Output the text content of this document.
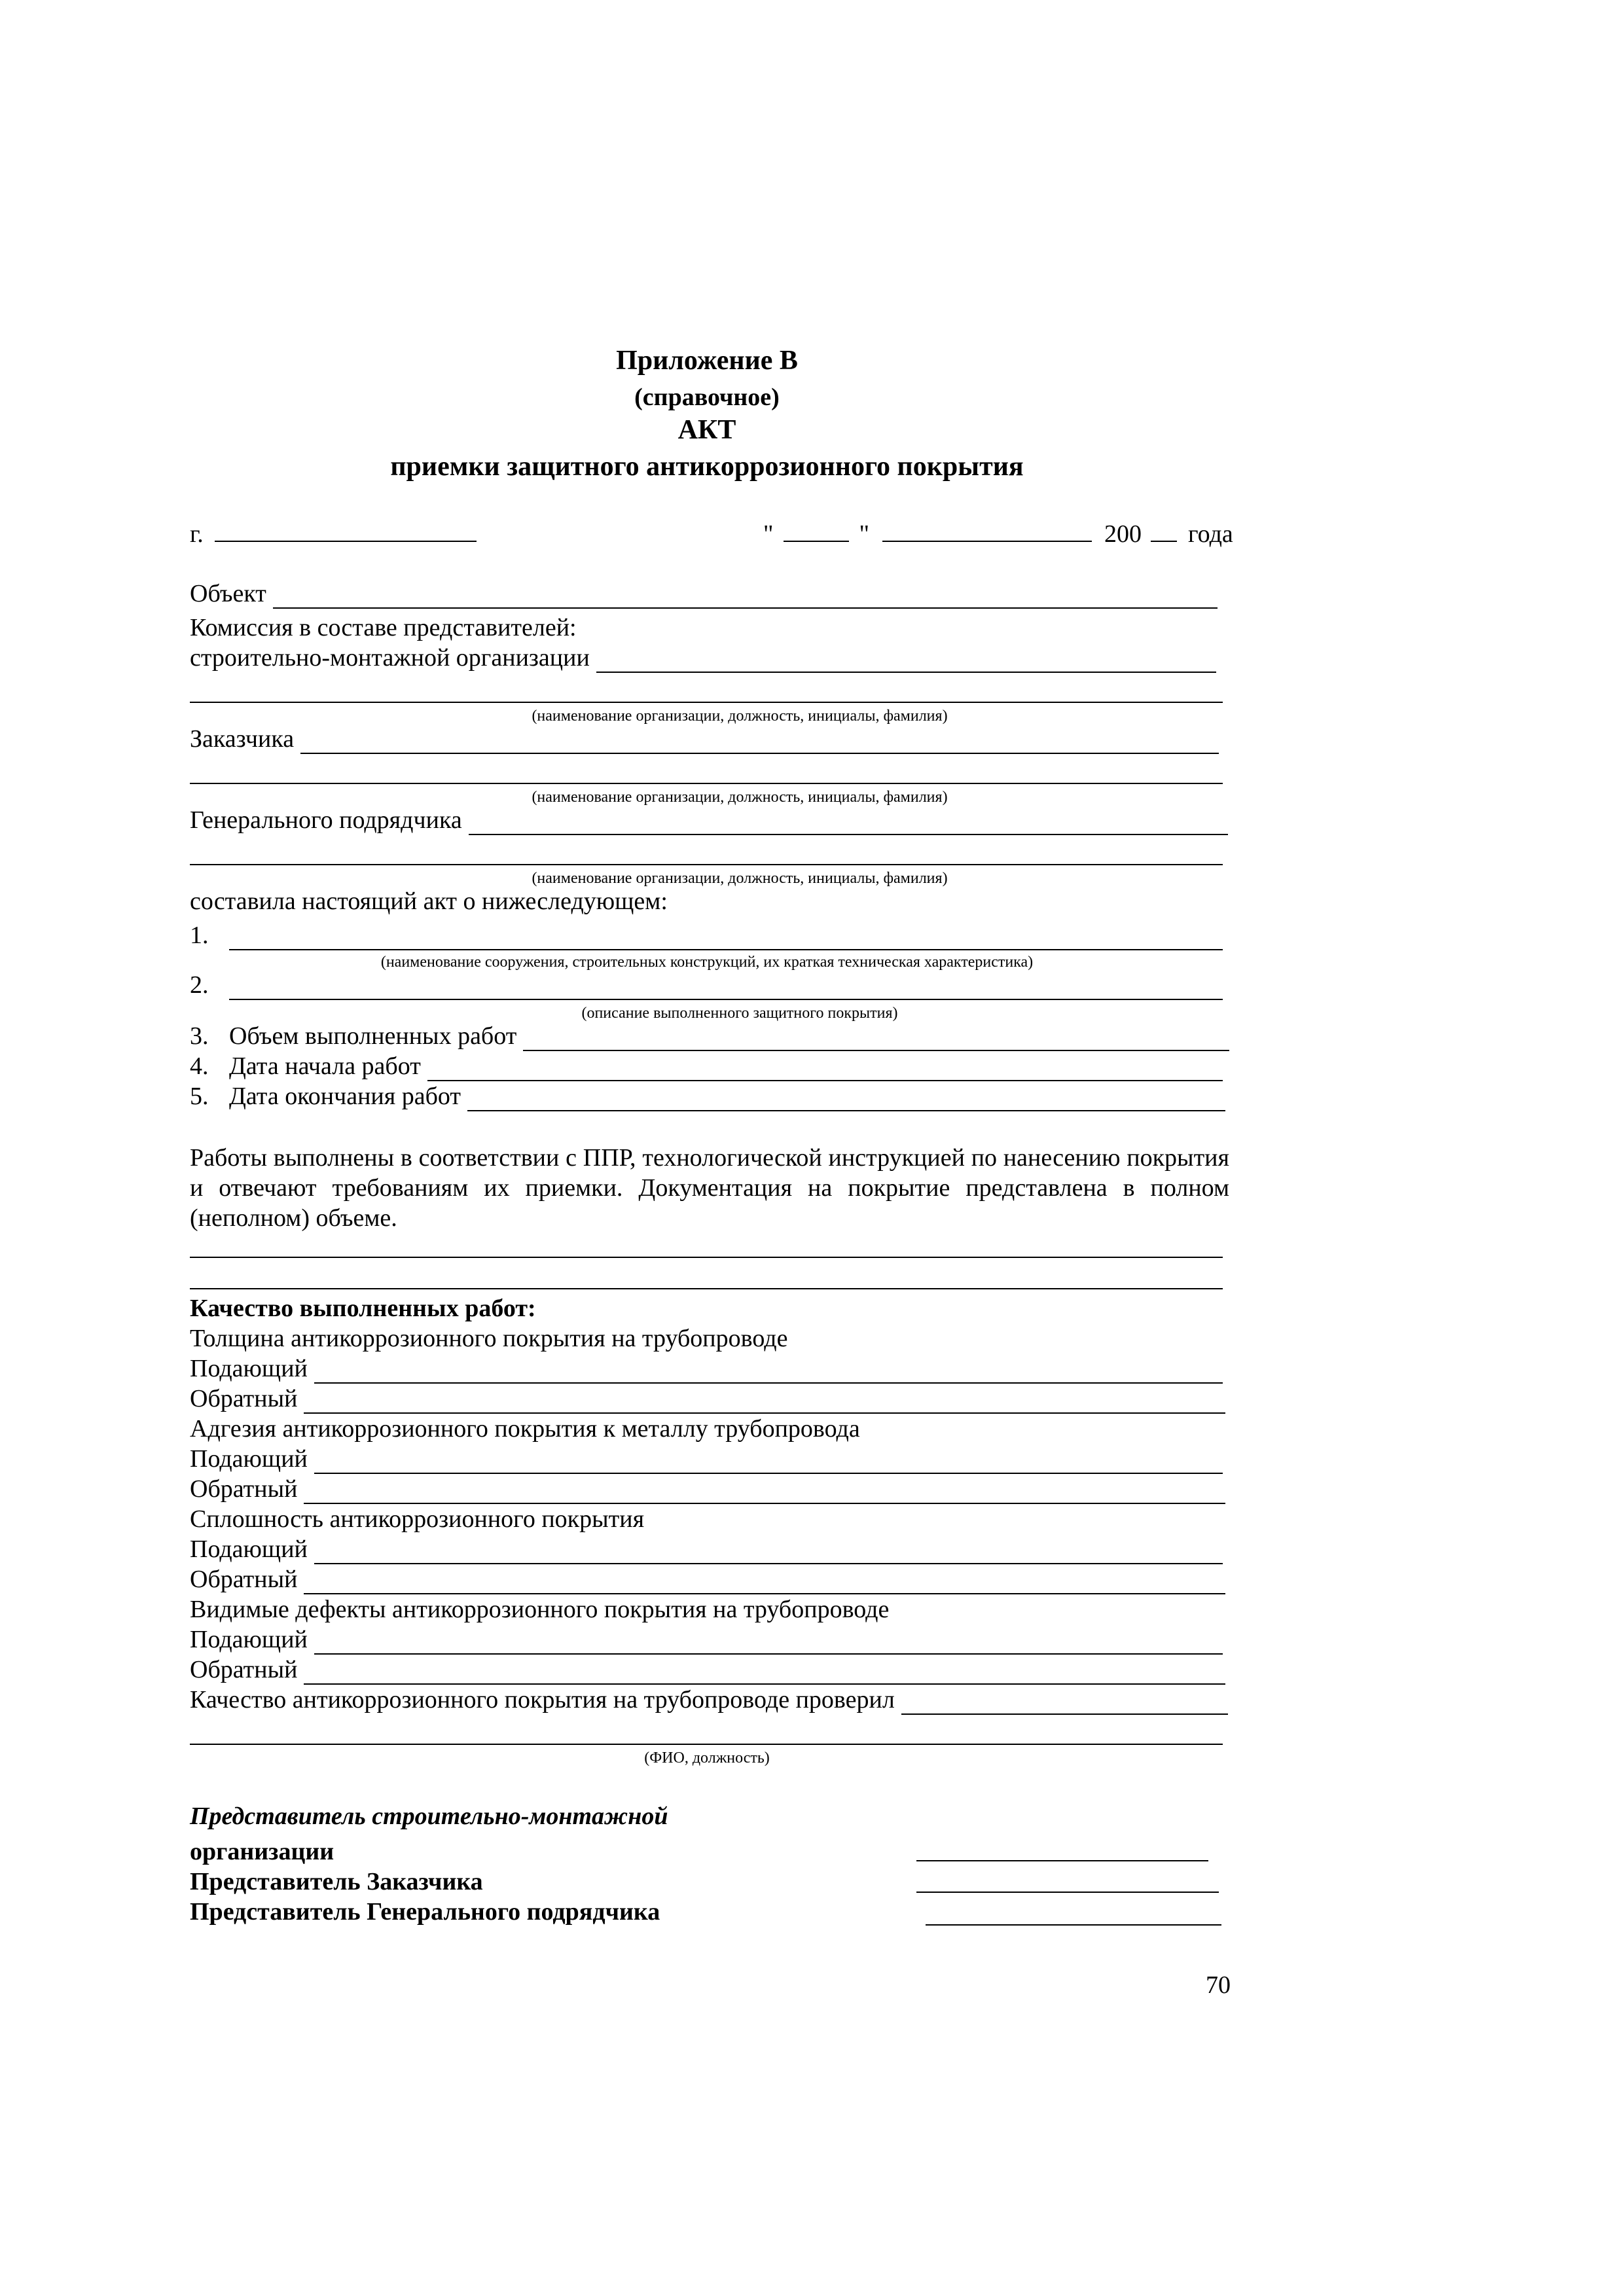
Приложение В
(справочное)
АКТ
приемки защитного антикоррозионного покрытия
г.	"	"	200 года
Объект
Комиссия в составе представителей:
строительно-монтажной организации
(наименование организации, должность, инициалы, фамилия)
Заказчика
(наименование организации, должность, инициалы, фамилия)
Генерального подрядчика
(наименование организации, должность, инициалы, фамилия)
составила настоящий акт о нижеследующем:
1.
(наименование сооружения, строительных конструкций, их краткая техническая характеристика)
2.
(описание выполненного защитного покрытия)
3. Объем выполненных работ
4. Дата начала работ
5. Дата окончания работ
Работы выполнены в соответствии с ППР, технологической инструкцией по нанесению покрытия и отвечают требованиям их приемки. Документация на покрытие представлена в полном (неполном) объеме.
Качество выполненных работ:
Толщина антикоррозионного покрытия на трубопроводе
Подающий
Обратный
Адгезия антикоррозионного покрытия к металлу трубопровода
Подающий
Обратный
Сплошность антикоррозионного покрытия
Подающий
Обратный
Видимые дефекты антикоррозионного покрытия на трубопроводе
Подающий
Обратный
Качество антикоррозионного покрытия на трубопроводе проверил
(ФИО, должность)
Представитель строительно-монтажной
организации
Представитель Заказчика
Представитель Генерального подрядчика
70
